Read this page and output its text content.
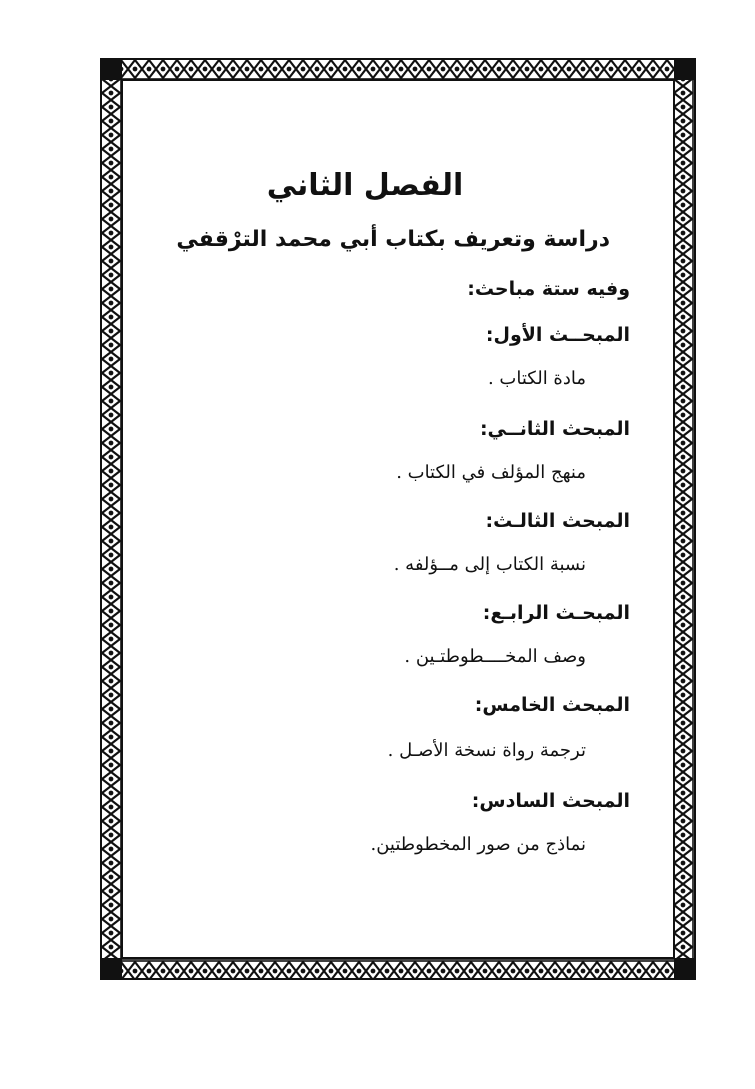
الفصل الثاني
دراسة وتعريف بكتاب أبي محمد الترْقفي
وفيه ستة مباحث:
المبحــث الأول:
مادة الكتاب .
المبحث الثانــي:
منهج المؤلف في الكتاب .
المبحث الثالـث:
نسبة الكتاب إلى مــؤلفه .
المبحـث الرابـع:
وصف المخــــطوطتـين .
المبحث الخامس:
ترجمة رواة نسخة الأصـل .
المبحث السادس:
نماذج من صور المخطوطتين.
